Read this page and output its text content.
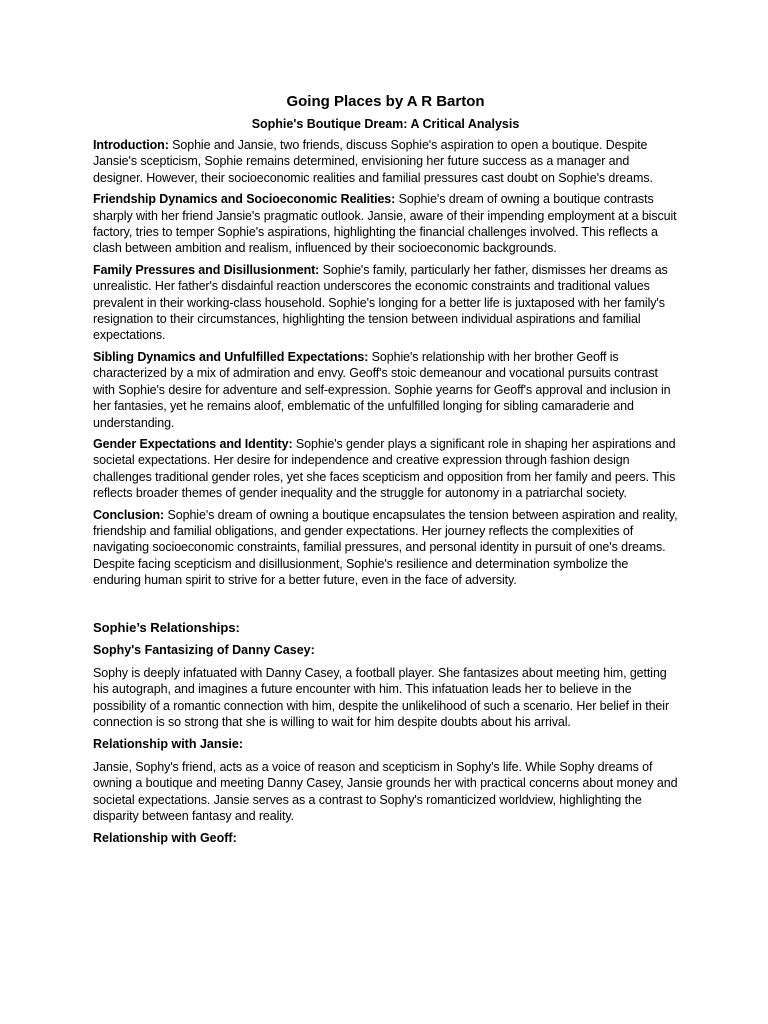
Going Places by A R Barton
Sophie's Boutique Dream: A Critical Analysis

Introduction: Sophie and Jansie, two friends, discuss Sophie's aspiration to open a boutique. Despite Jansie's scepticism, Sophie remains determined, envisioning her future success as a manager and designer. However, their socioeconomic realities and familial pressures cast doubt on Sophie's dreams.

Friendship Dynamics and Socioeconomic Realities: Sophie's dream of owning a boutique contrasts sharply with her friend Jansie's pragmatic outlook. Jansie, aware of their impending employment at a biscuit factory, tries to temper Sophie's aspirations, highlighting the financial challenges involved. This reflects a clash between ambition and realism, influenced by their socioeconomic backgrounds.

Family Pressures and Disillusionment: Sophie's family, particularly her father, dismisses her dreams as unrealistic. Her father's disdainful reaction underscores the economic constraints and traditional values prevalent in their working-class household. Sophie's longing for a better life is juxtaposed with her family's resignation to their circumstances, highlighting the tension between individual aspirations and familial expectations.

Sibling Dynamics and Unfulfilled Expectations: Sophie's relationship with her brother Geoff is characterized by a mix of admiration and envy. Geoff's stoic demeanour and vocational pursuits contrast with Sophie's desire for adventure and self-expression. Sophie yearns for Geoff's approval and inclusion in her fantasies, yet he remains aloof, emblematic of the unfulfilled longing for sibling camaraderie and understanding.

Gender Expectations and Identity: Sophie's gender plays a significant role in shaping her aspirations and societal expectations. Her desire for independence and creative expression through fashion design challenges traditional gender roles, yet she faces scepticism and opposition from her family and peers. This reflects broader themes of gender inequality and the struggle for autonomy in a patriarchal society.

Conclusion: Sophie's dream of owning a boutique encapsulates the tension between aspiration and reality, friendship and familial obligations, and gender expectations. Her journey reflects the complexities of navigating socioeconomic constraints, familial pressures, and personal identity in pursuit of one's dreams. Despite facing scepticism and disillusionment, Sophie's resilience and determination symbolize the enduring human spirit to strive for a better future, even in the face of adversity.

Sophie’s Relationships:
Sophy's Fantasizing of Danny Casey:

Sophy is deeply infatuated with Danny Casey, a football player. She fantasizes about meeting him, getting his autograph, and imagines a future encounter with him. This infatuation leads her to believe in the possibility of a romantic connection with him, despite the unlikelihood of such a scenario. Her belief in their connection is so strong that she is willing to wait for him despite doubts about his arrival.

Relationship with Jansie:

Jansie, Sophy's friend, acts as a voice of reason and scepticism in Sophy's life. While Sophy dreams of owning a boutique and meeting Danny Casey, Jansie grounds her with practical concerns about money and societal expectations. Jansie serves as a contrast to Sophy's romanticized worldview, highlighting the disparity between fantasy and reality.

Relationship with Geoff:
